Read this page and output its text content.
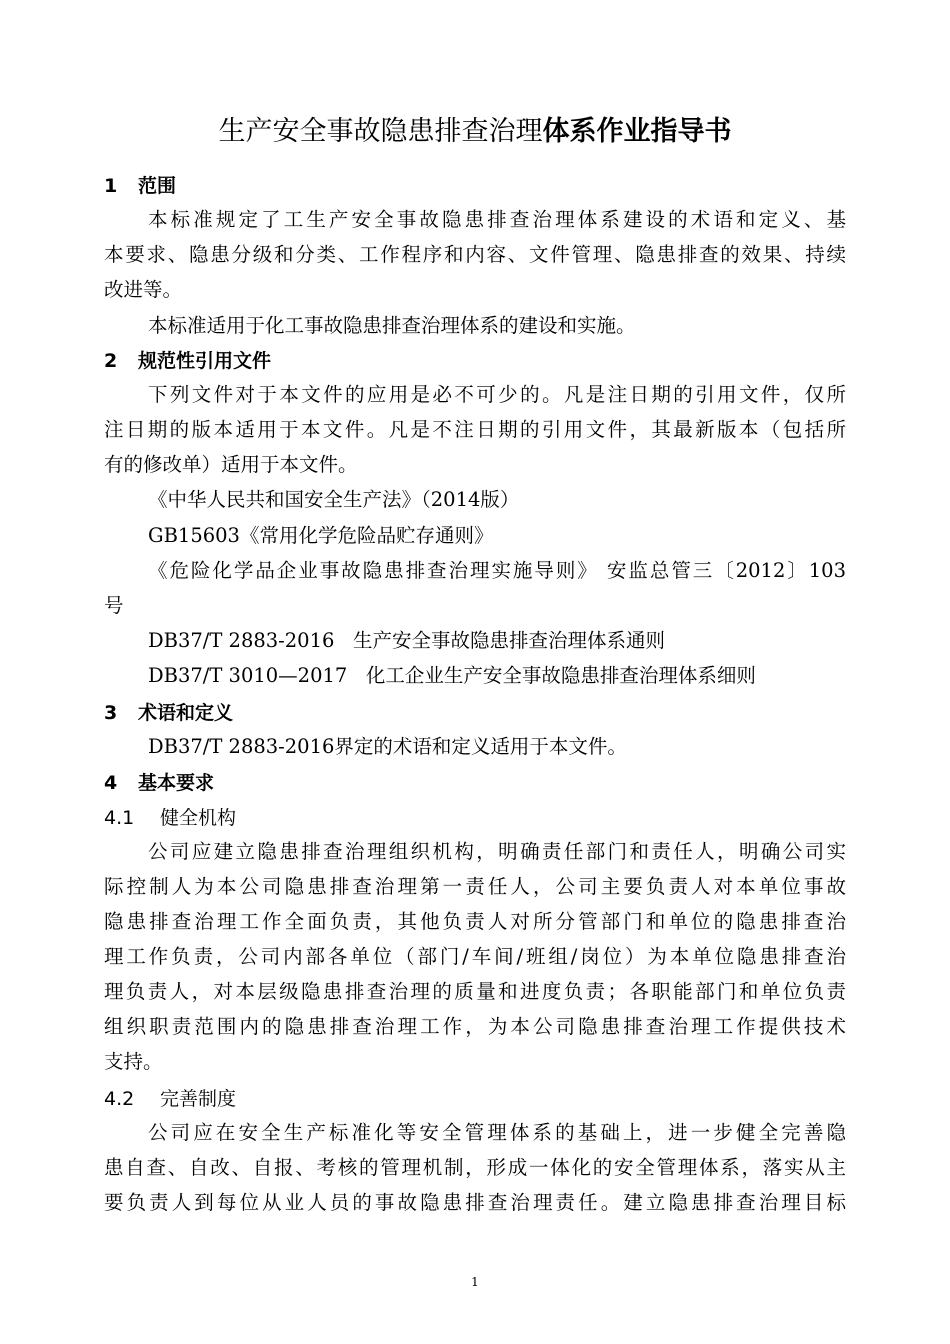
生产安全事故隐患排查治理体系作业指导书
1 范围
本标准规定了工生产安全事故隐患排查治理体系建设的术语和定义、基
本要求、隐患分级和分类、工作程序和内容、文件管理、隐患排查的效果、持续
改进等。
本标准适用于化工事故隐患排查治理体系的建设和实施。
2 规范性引用文件
下列文件对于本文件的应用是必不可少的。凡是注日期的引用文件，仅所
注日期的版本适用于本文件。凡是不注日期的引用文件，其最新版本（包括所
有的修改单）适用于本文件。
《中华人民共和国安全生产法》（2014版）
GB15603《常用化学危险品贮存通则》
《危险化学品企业事故隐患排查治理实施导则》 安监总管三〔2012〕103
号
DB37/T 2883-2016   生产安全事故隐患排查治理体系通则
DB37/T 3010—2017   化工企业生产安全事故隐患排查治理体系细则
3 术语和定义
DB37/T 2883-2016界定的术语和定义适用于本文件。
4 基本要求
4.1 健全机构
公司应建立隐患排查治理组织机构，明确责任部门和责任人，明确公司实
际控制人为本公司隐患排查治理第一责任人，公司主要负责人对本单位事故
隐患排查治理工作全面负责，其他负责人对所分管部门和单位的隐患排查治
理工作负责，公司内部各单位（部门/车间/班组/岗位）为本单位隐患排查治
理负责人，对本层级隐患排查治理的质量和进度负责；各职能部门和单位负责
组织职责范围内的隐患排查治理工作，为本公司隐患排查治理工作提供技术
支持。
4.2 完善制度
公司应在安全生产标准化等安全管理体系的基础上，进一步健全完善隐
患自查、自改、自报、考核的管理机制，形成一体化的安全管理体系，落实从主
要负责人到每位从业人员的事故隐患排查治理责任。建立隐患排查治理目标
1
